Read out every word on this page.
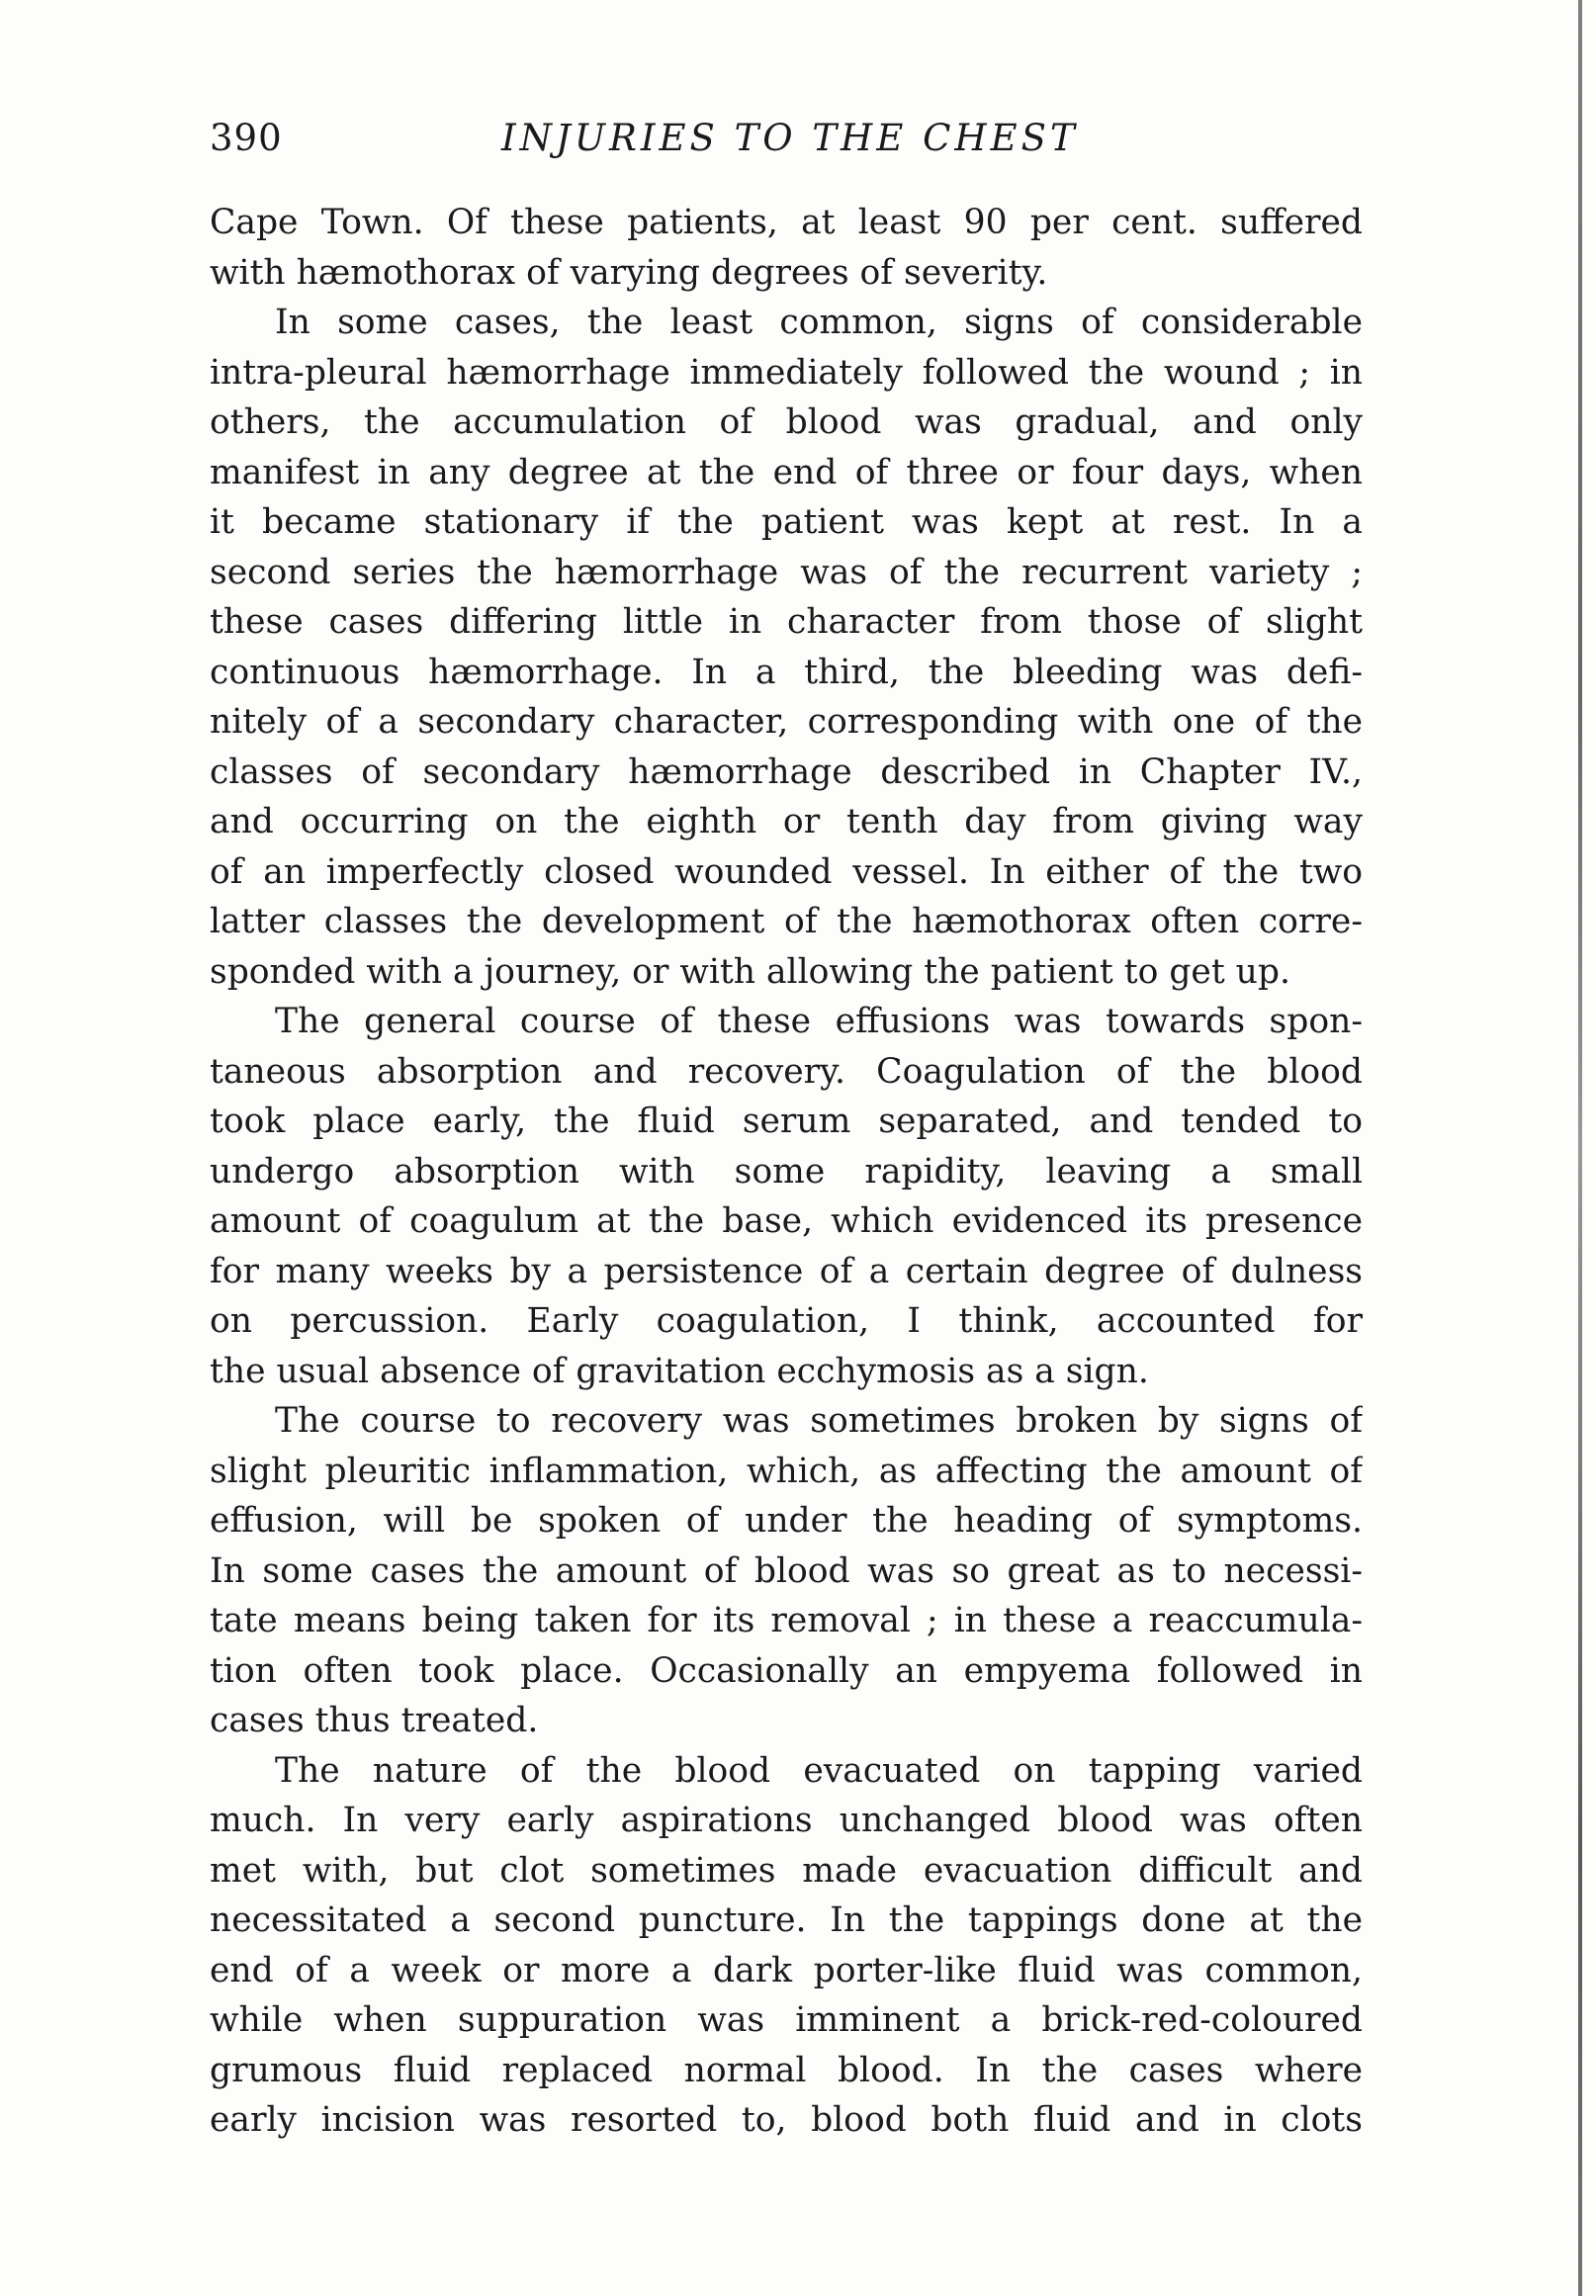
390	INJURIES TO THE CHEST
Cape Town. Of these patients, at least 90 per cent. suffered
with hæmothorax of varying degrees of severity.
In some cases, the least common, signs of considerable
intra-pleural hæmorrhage immediately followed the wound ; in
others, the accumulation of blood was gradual, and only
manifest in any degree at the end of three or four days, when
it became stationary if the patient was kept at rest. In a
second series the hæmorrhage was of the recurrent variety ;
these cases differing little in character from those of slight
continuous hæmorrhage. In a third, the bleeding was defi-
nitely of a secondary character, corresponding with one of the
classes of secondary hæmorrhage described in Chapter IV.,
and occurring on the eighth or tenth day from giving way
of an imperfectly closed wounded vessel. In either of the two
latter classes the development of the hæmothorax often corre-
sponded with a journey, or with allowing the patient to get up.
The general course of these effusions was towards spon-
taneous absorption and recovery. Coagulation of the blood
took place early, the fluid serum separated, and tended to
undergo absorption with some rapidity, leaving a small
amount of coagulum at the base, which evidenced its presence
for many weeks by a persistence of a certain degree of dulness
on percussion. Early coagulation, I think, accounted for
the usual absence of gravitation ecchymosis as a sign.
The course to recovery was sometimes broken by signs of
slight pleuritic inflammation, which, as affecting the amount of
effusion, will be spoken of under the heading of symptoms.
In some cases the amount of blood was so great as to necessi-
tate means being taken for its removal ; in these a reaccumula-
tion often took place. Occasionally an empyema followed in
cases thus treated.
The nature of the blood evacuated on tapping varied
much. In very early aspirations unchanged blood was often
met with, but clot sometimes made evacuation difficult and
necessitated a second puncture. In the tappings done at the
end of a week or more a dark porter-like fluid was common,
while when suppuration was imminent a brick-red-coloured
grumous fluid replaced normal blood. In the cases where
early incision was resorted to, blood both fluid and in clots
